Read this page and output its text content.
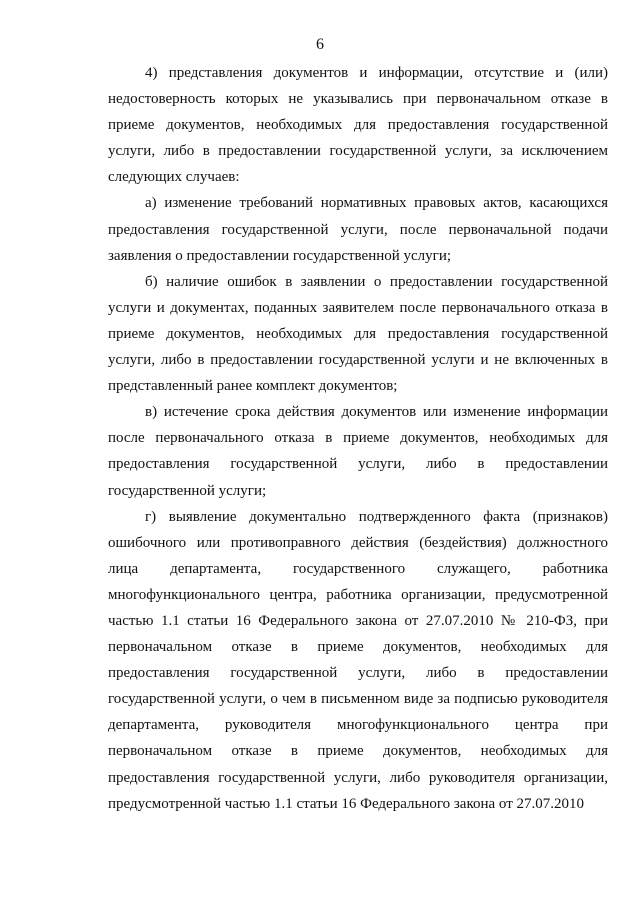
6

4) представления документов и информации, отсутствие и (или) недостоверность которых не указывались при первоначальном отказе в приеме документов, необходимых для предоставления государственной услуги, либо в предоставлении государственной услуги, за исключением следующих случаев:

а) изменение требований нормативных правовых актов, касающихся предоставления государственной услуги, после первоначальной подачи заявления о предоставлении государственной услуги;

б) наличие ошибок в заявлении о предоставлении государственной услуги и документах, поданных заявителем после первоначального отказа в приеме документов, необходимых для предоставления государственной услуги, либо в предоставлении государственной услуги и не включенных в представленный ранее комплект документов;

в) истечение срока действия документов или изменение информации после первоначального отказа в приеме документов, необходимых для предоставления государственной услуги, либо в предоставлении государственной услуги;

г) выявление документально подтвержденного факта (признаков) ошибочного или противоправного действия (бездействия) должностного лица департамента, государственного служащего, работника многофункционального центра, работника организации, предусмотренной частью 1.1 статьи 16 Федерального закона от 27.07.2010 № 210-ФЗ, при первоначальном отказе в приеме документов, необходимых для предоставления государственной услуги, либо в предоставлении государственной услуги, о чем в письменном виде за подписью руководителя департамента, руководителя многофункционального центра при первоначальном отказе в приеме документов, необходимых для предоставления государственной услуги, либо руководителя организации, предусмотренной частью 1.1 статьи 16 Федерального закона от 27.07.2010
